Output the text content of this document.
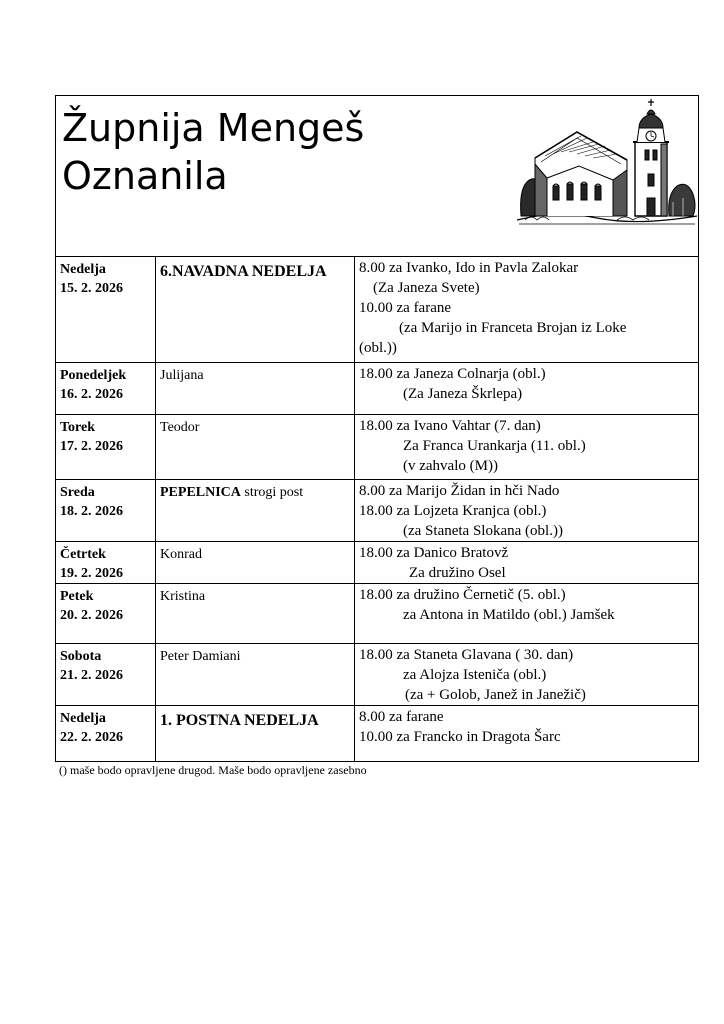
Župnija Mengeš
Oznanila
Nedelja
15. 2. 2026	6.NAVADNA NEDELJA	8.00 za Ivanko, Ido in Pavla Zalokar
(Za Janeza Svete)
10.00 za farane
(za Marijo in Franceta Brojan iz Loke
(obl.))

Ponedeljek
16. 2. 2026	Julijana	18.00 za Janeza Colnarja (obl.)
(Za Janeza Škrlepa)

Torek
17. 2. 2026	Teodor	18.00 za Ivano Vahtar (7. dan)
Za Franca Urankarja (11. obl.)
(v zahvalo (M))

Sreda
18. 2. 2026	PEPELNICA strogi post	8.00 za Marijo Židan in hči Nado
18.00 za Lojzeta Kranjca (obl.)
(za Staneta Slokana (obl.))

Četrtek
19. 2. 2026	Konrad	18.00 za Danico Bratovž
Za družino Osel

Petek
20. 2. 2026	Kristina	18.00 za družino Černetič (5. obl.)
za Antona in Matildo (obl.) Jamšek

Sobota
21. 2. 2026	Peter Damiani	18.00 za Staneta Glavana ( 30. dan)
za Alojza Isteniča (obl.)
(za + Golob, Janež in Janežič)

Nedelja
22. 2. 2026	1. POSTNA NEDELJA	8.00 za farane
10.00 za Francko in Dragota Šarc
() maše bodo opravljene drugod. Maše bodo opravljene zasebno
